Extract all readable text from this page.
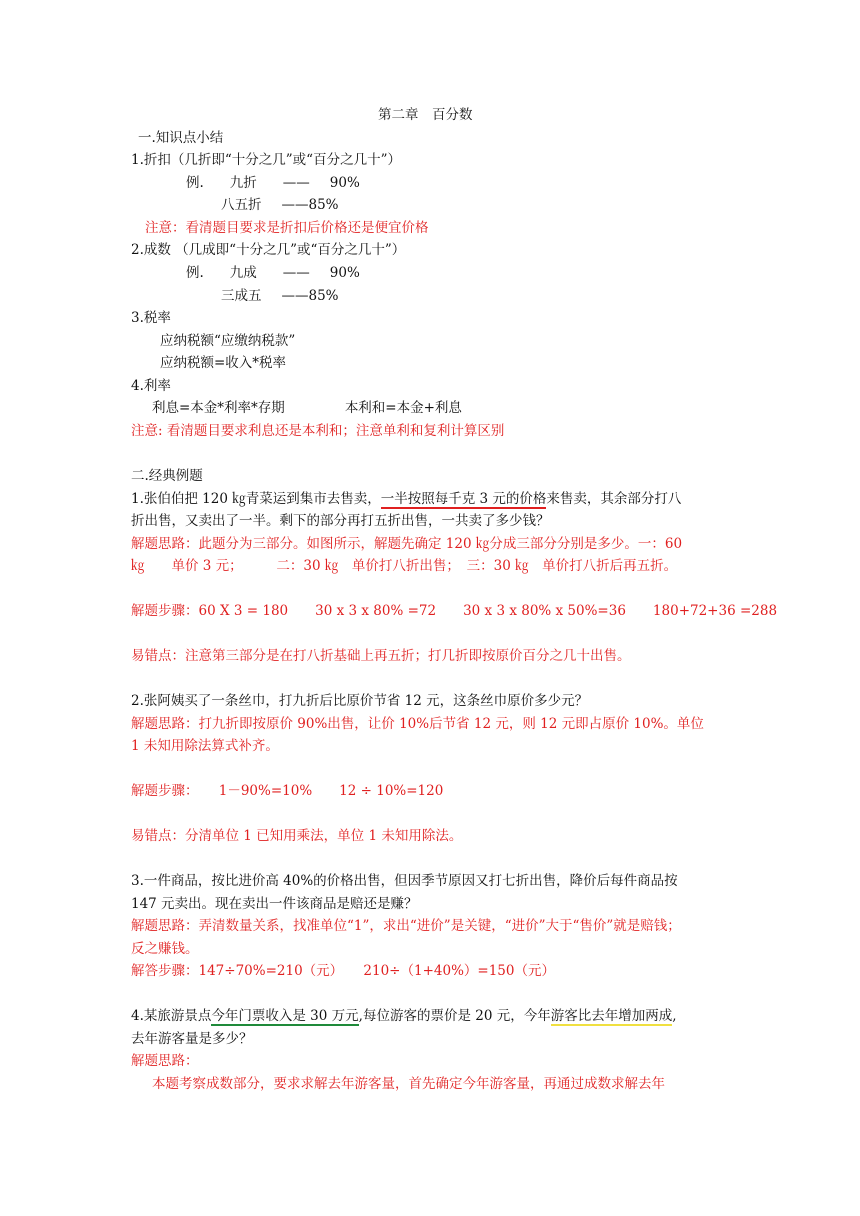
第二章　百分数
一.知识点小结
1.折扣（几折即“十分之几”或“百分之几十”）
例. 九折 —— 90%
八五折 ——85%
注意：看清题目要求是折扣后价格还是便宜价格
2.成数 （几成即“十分之几”或“百分之几十”）
例. 九成 —— 90%
三成五 ——85%
3.税率
应纳税额“应缴纳税款”
应纳税额=收入*税率
4.利率
利息=本金*利率*存期	本利和=本金+利息
注意: 看清题目要求利息还是本利和；注意单利和复利计算区别
二.经典例题
1.张伯伯把 120 ㎏青菜运到集市去售卖，一半按照每千克 3 元的价格来售卖，其余部分打八
折出售，又卖出了一半。剩下的部分再打五折出售，一共卖了多少钱？
解题思路：此题分为三部分。如图所示，解题先确定 120 ㎏分成三部分分别是多少。一：60
㎏　　单价 3 元；　　　二：30 ㎏　单价打八折出售；　三：30 ㎏　单价打八折后再五折。
解题步骤：60 X 3 = 180　　30 x 3 x 80% =72　　30 x 3 x 80% x 50%=36　　180+72+36 =288
易错点：注意第三部分是在打八折基础上再五折；打几折即按原价百分之几十出售。
2.张阿姨买了一条丝巾，打九折后比原价节省 12 元，这条丝巾原价多少元？
解题思路：打九折即按原价 90%出售，让价 10%后节省 12 元，则 12 元即占原价 10%。单位
1 未知用除法算式补齐。
解题步骤：　　1－90%=10%　　12 ÷ 10%=120
易错点：分清单位 1 已知用乘法，单位 1 未知用除法。
3.一件商品，按比进价高 40%的价格出售，但因季节原因又打七折出售，降价后每件商品按
147 元卖出。现在卖出一件该商品是赔还是赚？
解题思路：弄清数量关系，找准单位“1”，求出“进价”是关键，“进价”大于“售价”就是赔钱；
反之赚钱。
解答步骤：147÷70%=210（元）　　210÷（1+40%）=150（元）
4.某旅游景点今年门票收入是 30 万元,每位游客的票价是 20 元，今年游客比去年增加两成,
去年游客量是多少？
解题思路：
本题考察成数部分，要求求解去年游客量，首先确定今年游客量，再通过成数求解去年
